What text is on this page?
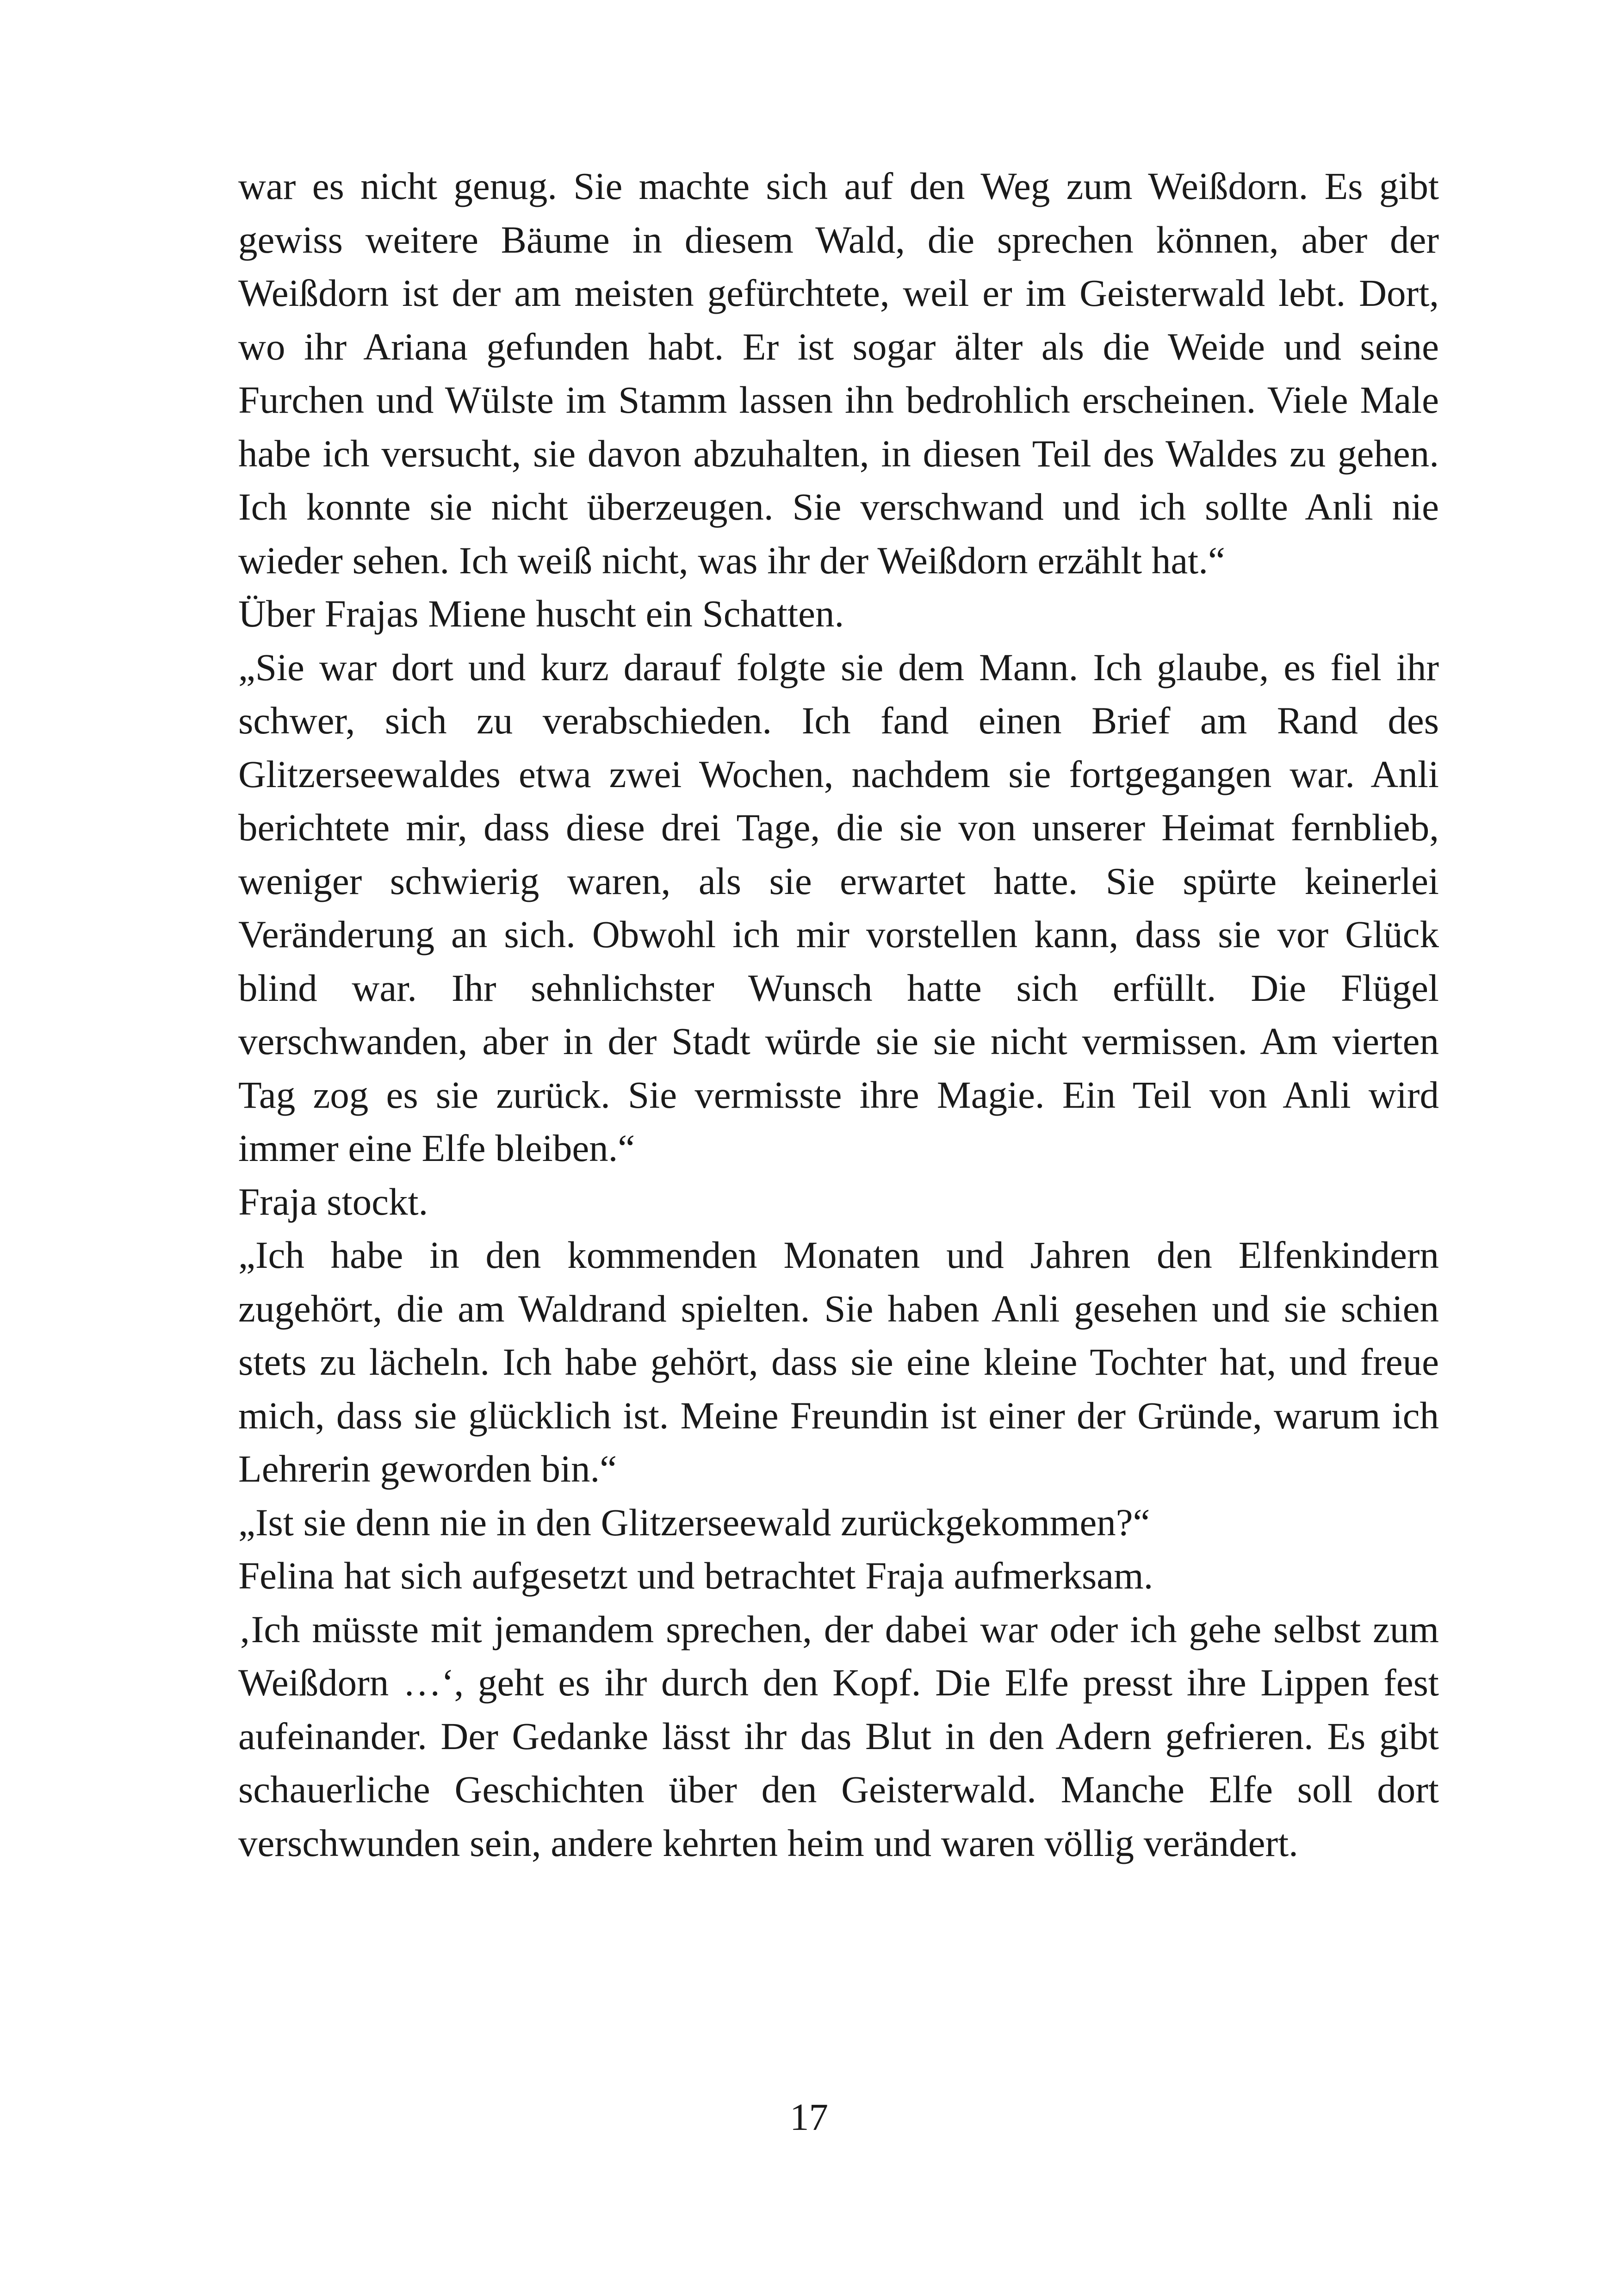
war es nicht genug. Sie machte sich auf den Weg zum Weißdorn. Es gibt gewiss weitere Bäume in diesem Wald, die sprechen können, aber der Weißdorn ist der am meisten gefürchtete, weil er im Geisterwald lebt. Dort, wo ihr Ariana gefunden habt. Er ist sogar älter als die Weide und seine Furchen und Wülste im Stamm lassen ihn bedrohlich erscheinen. Viele Male habe ich versucht, sie davon abzuhalten, in diesen Teil des Waldes zu gehen. Ich konnte sie nicht überzeugen. Sie verschwand und ich sollte Anli nie wieder sehen. Ich weiß nicht, was ihr der Weißdorn erzählt hat.“

Über Frajas Miene huscht ein Schatten.

„Sie war dort und kurz darauf folgte sie dem Mann. Ich glaube, es fiel ihr schwer, sich zu verabschieden. Ich fand einen Brief am Rand des Glitzerseewaldes etwa zwei Wochen, nachdem sie fortgegangen war. Anli berichtete mir, dass diese drei Tage, die sie von unserer Heimat fernblieb, weniger schwierig waren, als sie erwartet hatte. Sie spürte keinerlei Veränderung an sich. Obwohl ich mir vorstellen kann, dass sie vor Glück blind war. Ihr sehnlichster Wunsch hatte sich erfüllt. Die Flügel verschwanden, aber in der Stadt würde sie sie nicht vermissen. Am vierten Tag zog es sie zurück. Sie vermisste ihre Magie. Ein Teil von Anli wird immer eine Elfe bleiben.“

Fraja stockt.

„Ich habe in den kommenden Monaten und Jahren den Elfenkindern zugehört, die am Waldrand spielten. Sie haben Anli gesehen und sie schien stets zu lächeln. Ich habe gehört, dass sie eine kleine Tochter hat, und freue mich, dass sie glücklich ist. Meine Freundin ist einer der Gründe, warum ich Lehrerin geworden bin.“

„Ist sie denn nie in den Glitzerseewald zurückgekommen?“

Felina hat sich aufgesetzt und betrachtet Fraja aufmerksam.

‚Ich müsste mit jemandem sprechen, der dabei war oder ich gehe selbst zum Weißdorn …‘, geht es ihr durch den Kopf. Die Elfe presst ihre Lippen fest aufeinander. Der Gedanke lässt ihr das Blut in den Adern gefrieren. Es gibt schauerliche Geschichten über den Geisterwald. Manche Elfe soll dort verschwunden sein, andere kehrten heim und waren völlig verändert.

17
